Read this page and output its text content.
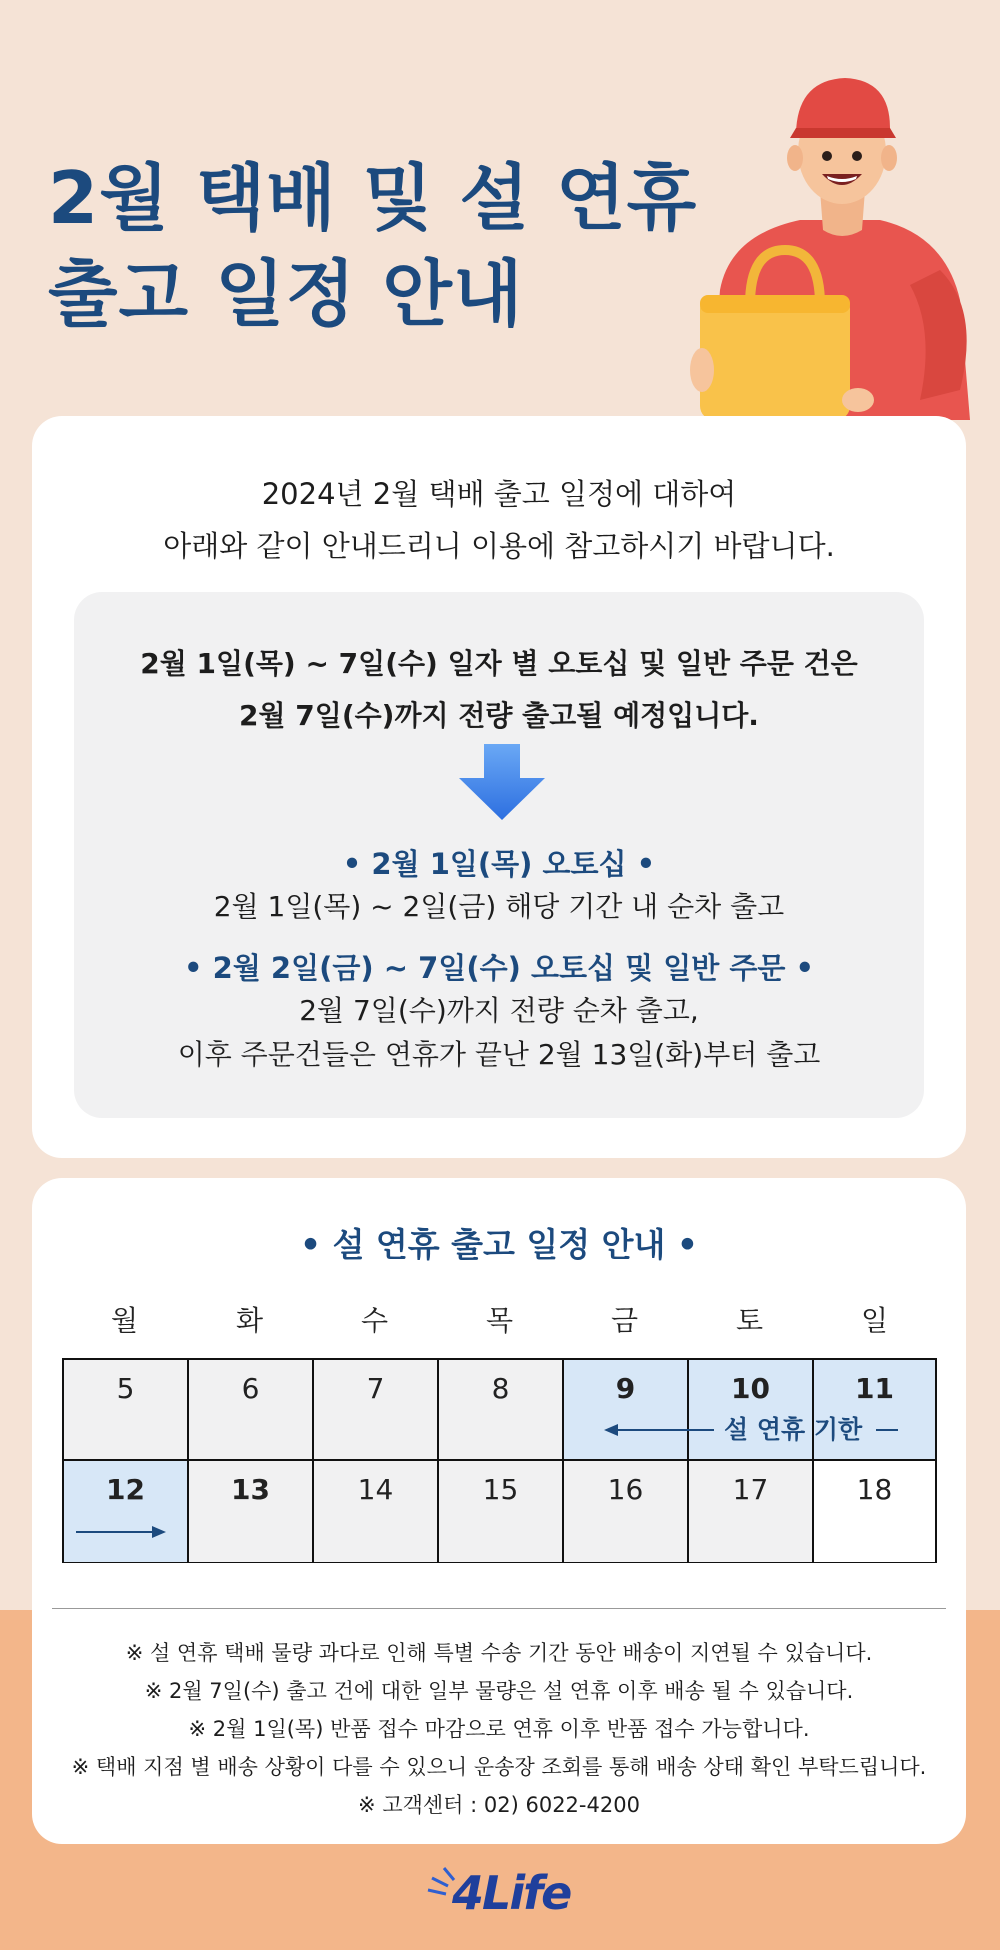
2월 택배 및 설 연휴
출고 일정 안내
2024년 2월 택배 출고 일정에 대하여
아래와 같이 안내드리니 이용에 참고하시기 바랍니다.
2월 1일(목) ~ 7일(수) 일자 별 오토십 및 일반 주문 건은
2월 7일(수)까지 전량 출고될 예정입니다.
• 2월 1일(목) 오토십 •
2월 1일(목) ~ 2일(금) 해당 기간 내 순차 출고
• 2월 2일(금) ~ 7일(수) 오토십 및 일반 주문 •
2월 7일(수)까지 전량 순차 출고,
이후 주문건들은 연휴가 끝난 2월 13일(화)부터 출고
• 설 연휴 출고 일정 안내 •
월	화	수	목	금	토	일
5	6	7	8	9	10	11
12	13	14	15	16	17	18
설 연휴 기한
※ 설 연휴 택배 물량 과다로 인해 특별 수송 기간 동안 배송이 지연될 수 있습니다.
※ 2월 7일(수) 출고 건에 대한 일부 물량은 설 연휴 이후 배송 될 수 있습니다.
※ 2월 1일(목) 반품 접수 마감으로 연휴 이후 반품 접수 가능합니다.
※ 택배 지점 별 배송 상황이 다를 수 있으니 운송장 조회를 통해 배송 상태 확인 부탁드립니다.
※ 고객센터 : 02) 6022-4200
4Life
